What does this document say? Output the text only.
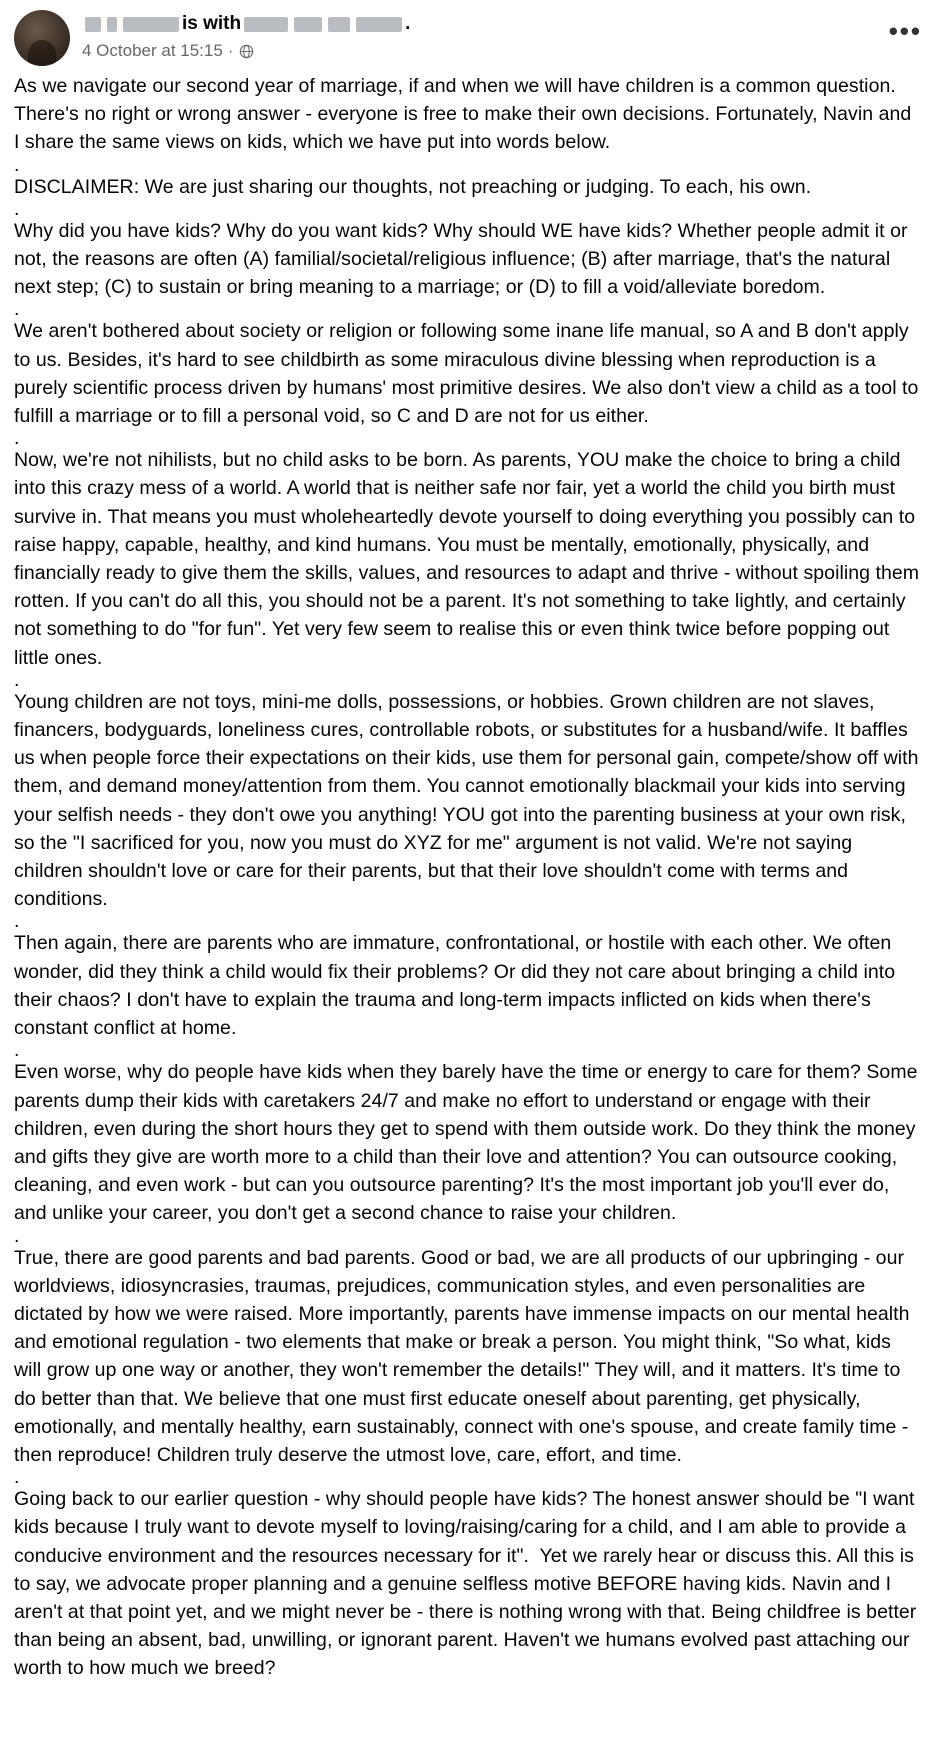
is with	.
4 October at 15:15 ·
•••

As we navigate our second year of marriage, if and when we will have children is a common question. There's no right or wrong answer - everyone is free to make their own decisions. Fortunately, Navin and I share the same views on kids, which we have put into words below.

.

DISCLAIMER: We are just sharing our thoughts, not preaching or judging. To each, his own.

.

Why did you have kids? Why do you want kids? Why should WE have kids? Whether people admit it or not, the reasons are often (A) familial/societal/religious influence; (B) after marriage, that's the natural next step; (C) to sustain or bring meaning to a marriage; or (D) to fill a void/alleviate boredom.

.

We aren't bothered about society or religion or following some inane life manual, so A and B don't apply to us. Besides, it's hard to see childbirth as some miraculous divine blessing when reproduction is a purely scientific process driven by humans' most primitive desires. We also don't view a child as a tool to fulfill a marriage or to fill a personal void, so C and D are not for us either.

.

Now, we're not nihilists, but no child asks to be born. As parents, YOU make the choice to bring a child into this crazy mess of a world. A world that is neither safe nor fair, yet a world the child you birth must survive in. That means you must wholeheartedly devote yourself to doing everything you possibly can to raise happy, capable, healthy, and kind humans. You must be mentally, emotionally, physically, and financially ready to give them the skills, values, and resources to adapt and thrive - without spoiling them rotten. If you can't do all this, you should not be a parent. It's not something to take lightly, and certainly not something to do "for fun". Yet very few seem to realise this or even think twice before popping out little ones.

.

Young children are not toys, mini-me dolls, possessions, or hobbies. Grown children are not slaves, financers, bodyguards, loneliness cures, controllable robots, or substitutes for a husband/wife. It baffles us when people force their expectations on their kids, use them for personal gain, compete/show off with them, and demand money/attention from them. You cannot emotionally blackmail your kids into serving your selfish needs - they don't owe you anything! YOU got into the parenting business at your own risk, so the "I sacrificed for you, now you must do XYZ for me" argument is not valid. We're not saying children shouldn't love or care for their parents, but that their love shouldn't come with terms and conditions.

.

Then again, there are parents who are immature, confrontational, or hostile with each other. We often wonder, did they think a child would fix their problems? Or did they not care about bringing a child into their chaos? I don't have to explain the trauma and long-term impacts inflicted on kids when there's constant conflict at home.

.

Even worse, why do people have kids when they barely have the time or energy to care for them? Some parents dump their kids with caretakers 24/7 and make no effort to understand or engage with their children, even during the short hours they get to spend with them outside work. Do they think the money and gifts they give are worth more to a child than their love and attention? You can outsource cooking, cleaning, and even work - but can you outsource parenting? It's the most important job you'll ever do, and unlike your career, you don't get a second chance to raise your children.

.

True, there are good parents and bad parents. Good or bad, we are all products of our upbringing - our worldviews, idiosyncrasies, traumas, prejudices, communication styles, and even personalities are dictated by how we were raised. More importantly, parents have immense impacts on our mental health and emotional regulation - two elements that make or break a person. You might think, "So what, kids will grow up one way or another, they won't remember the details!" They will, and it matters. It's time to do better than that. We believe that one must first educate oneself about parenting, get physically, emotionally, and mentally healthy, earn sustainably, connect with one's spouse, and create family time - then reproduce! Children truly deserve the utmost love, care, effort, and time.

.

Going back to our earlier question - why should people have kids? The honest answer should be "I want kids because I truly want to devote myself to loving/raising/caring for a child, and I am able to provide a conducive environment and the resources necessary for it".  Yet we rarely hear or discuss this. All this is to say, we advocate proper planning and a genuine selfless motive BEFORE having kids. Navin and I aren't at that point yet, and we might never be - there is nothing wrong with that. Being childfree is better than being an absent, bad, unwilling, or ignorant parent. Haven't we humans evolved past attaching our worth to how much we breed?
